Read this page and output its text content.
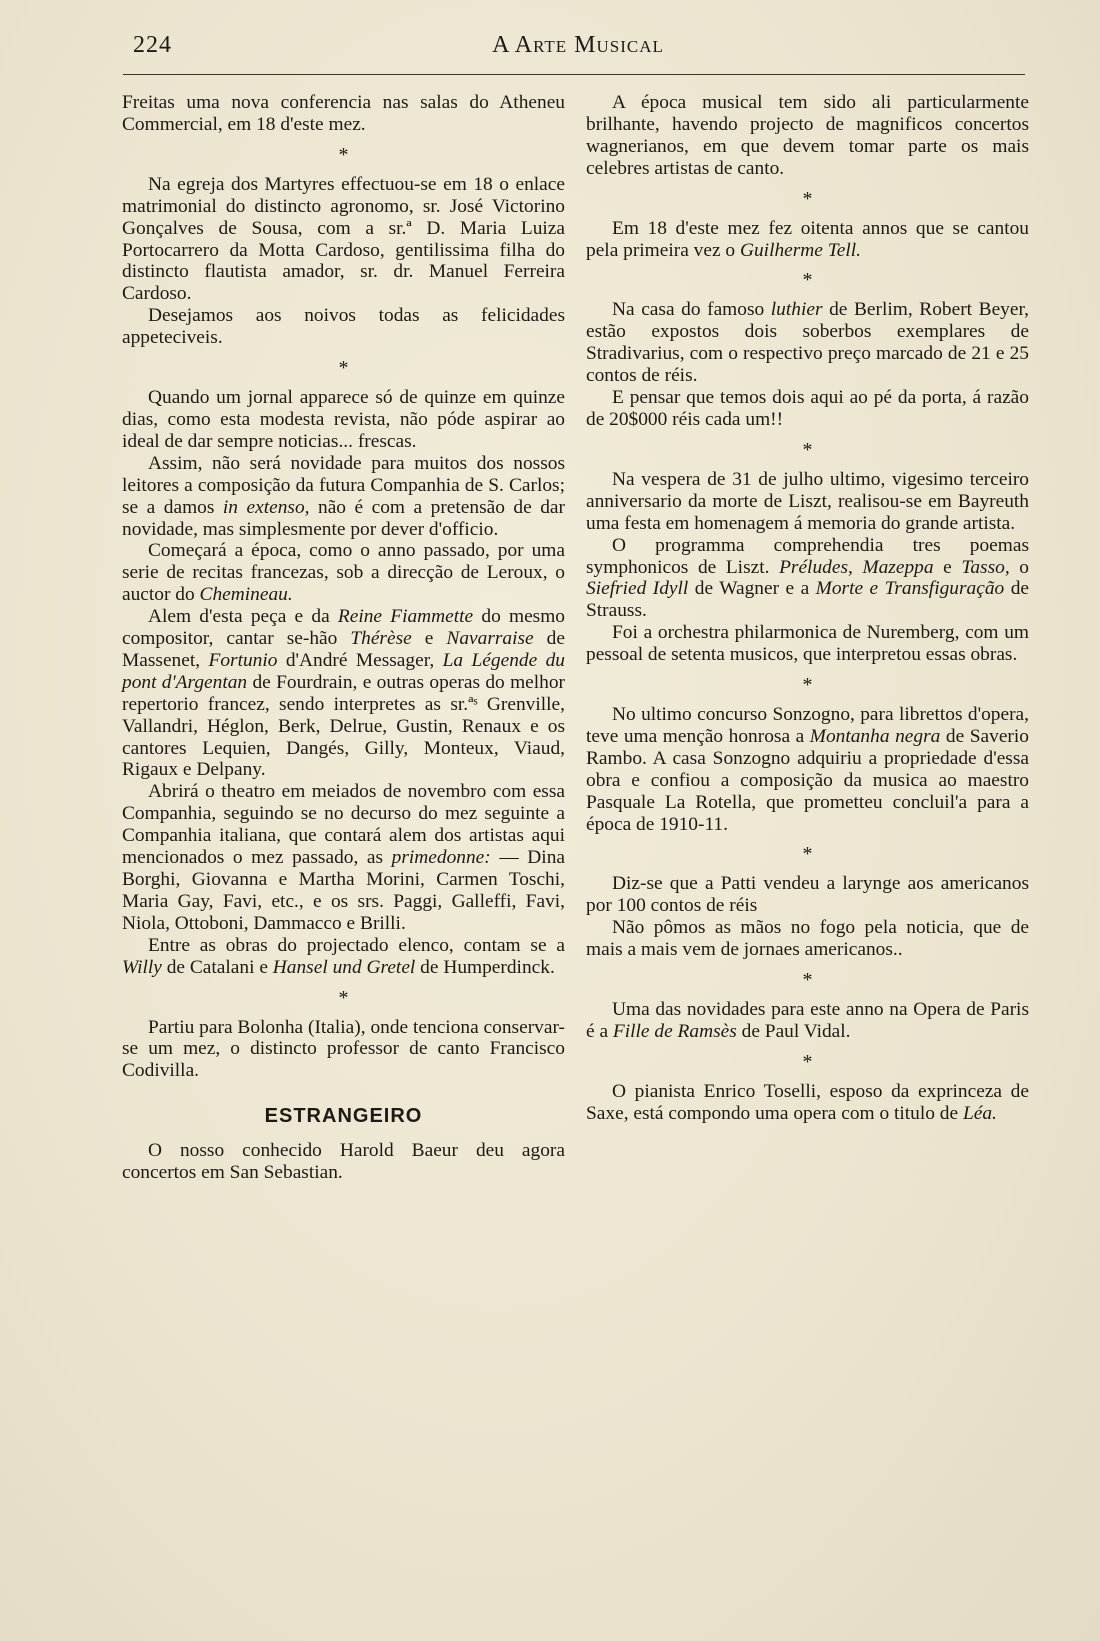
224	A Arte Musical

Freitas uma nova conferencia nas salas do Atheneu Commercial, em 18 d'este mez.

*

Na egreja dos Martyres effectuou-se em 18 o enlace matrimonial do distincto agronomo, sr. José Victorino Gonçalves de Sousa, com a sr.ª D. Maria Luiza Portocarrero da Motta Cardoso, gentilissima filha do distincto flautista amador, sr. dr. Manuel Ferreira Cardoso.

Desejamos aos noivos todas as felicidades appeteciveis.

*

Quando um jornal apparece só de quinze em quinze dias, como esta modesta revista, não póde aspirar ao ideal de dar sempre noticias... frescas.

Assim, não será novidade para muitos dos nossos leitores a composição da futura Companhia de S. Carlos; se a damos in extenso, não é com a pretensão de dar novidade, mas simplesmente por dever d'officio.

Começará a época, como o anno passado, por uma serie de recitas francezas, sob a direcção de Leroux, o auctor do Chemineau.

Alem d'esta peça e da Reine Fiammette do mesmo compositor, cantar se-hão Thérèse e Navarraise de Massenet, Fortunio d'André Messager, La Légende du pont d'Argentan de Fourdrain, e outras operas do melhor repertorio francez, sendo interpretes as sr.ªˢ Grenville, Vallandri, Héglon, Berk, Delrue, Gustin, Renaux e os cantores Lequien, Dangés, Gilly, Monteux, Viaud, Rigaux e Delpany.

Abrirá o theatro em meiados de novembro com essa Companhia, seguindo se no decurso do mez seguinte a Companhia italiana, que contará alem dos artistas aqui mencionados o mez passado, as primedonne: — Dina Borghi, Giovanna e Martha Morini, Carmen Toschi, Maria Gay, Favi, etc., e os srs. Paggi, Galleffi, Favi, Niola, Ottoboni, Dammacco e Brilli.

Entre as obras do projectado elenco, contam se a Willy de Catalani e Hansel und Gretel de Humperdinck.

*

Partiu para Bolonha (Italia), onde tenciona conservar-se um mez, o distincto professor de canto Francisco Codivilla.

ESTRANGEIRO

O nosso conhecido Harold Baeur deu agora concertos em San Sebastian.

A época musical tem sido ali particularmente brilhante, havendo projecto de magnificos concertos wagnerianos, em que devem tomar parte os mais celebres artistas de canto.

*

Em 18 d'este mez fez oitenta annos que se cantou pela primeira vez o Guilherme Tell.

*

Na casa do famoso luthier de Berlim, Robert Beyer, estão expostos dois soberbos exemplares de Stradivarius, com o respectivo preço marcado de 21 e 25 contos de réis.

E pensar que temos dois aqui ao pé da porta, á razão de 20$000 réis cada um!!

*

Na vespera de 31 de julho ultimo, vigesimo terceiro anniversario da morte de Liszt, realisou-se em Bayreuth uma festa em homenagem á memoria do grande artista.

O programma comprehendia tres poemas symphonicos de Liszt. Préludes, Mazeppa e Tasso, o Siefried Idyll de Wagner e a Morte e Transfiguração de Strauss.

Foi a orchestra philarmonica de Nuremberg, com um pessoal de setenta musicos, que interpretou essas obras.

*

No ultimo concurso Sonzogno, para librettos d'opera, teve uma menção honrosa a Montanha negra de Saverio Rambo. A casa Sonzogno adquiriu a propriedade d'essa obra e confiou a composição da musica ao maestro Pasquale La Rotella, que prometteu concluil'a para a época de 1910-11.

*

Diz-se que a Patti vendeu a larynge aos americanos por 100 contos de réis

Não pômos as mãos no fogo pela noticia, que de mais a mais vem de jornaes americanos..

*

Uma das novidades para este anno na Opera de Paris é a Fille de Ramsès de Paul Vidal.

*

O pianista Enrico Toselli, esposo da exprinceza de Saxe, está compondo uma opera com o titulo de Léa.
